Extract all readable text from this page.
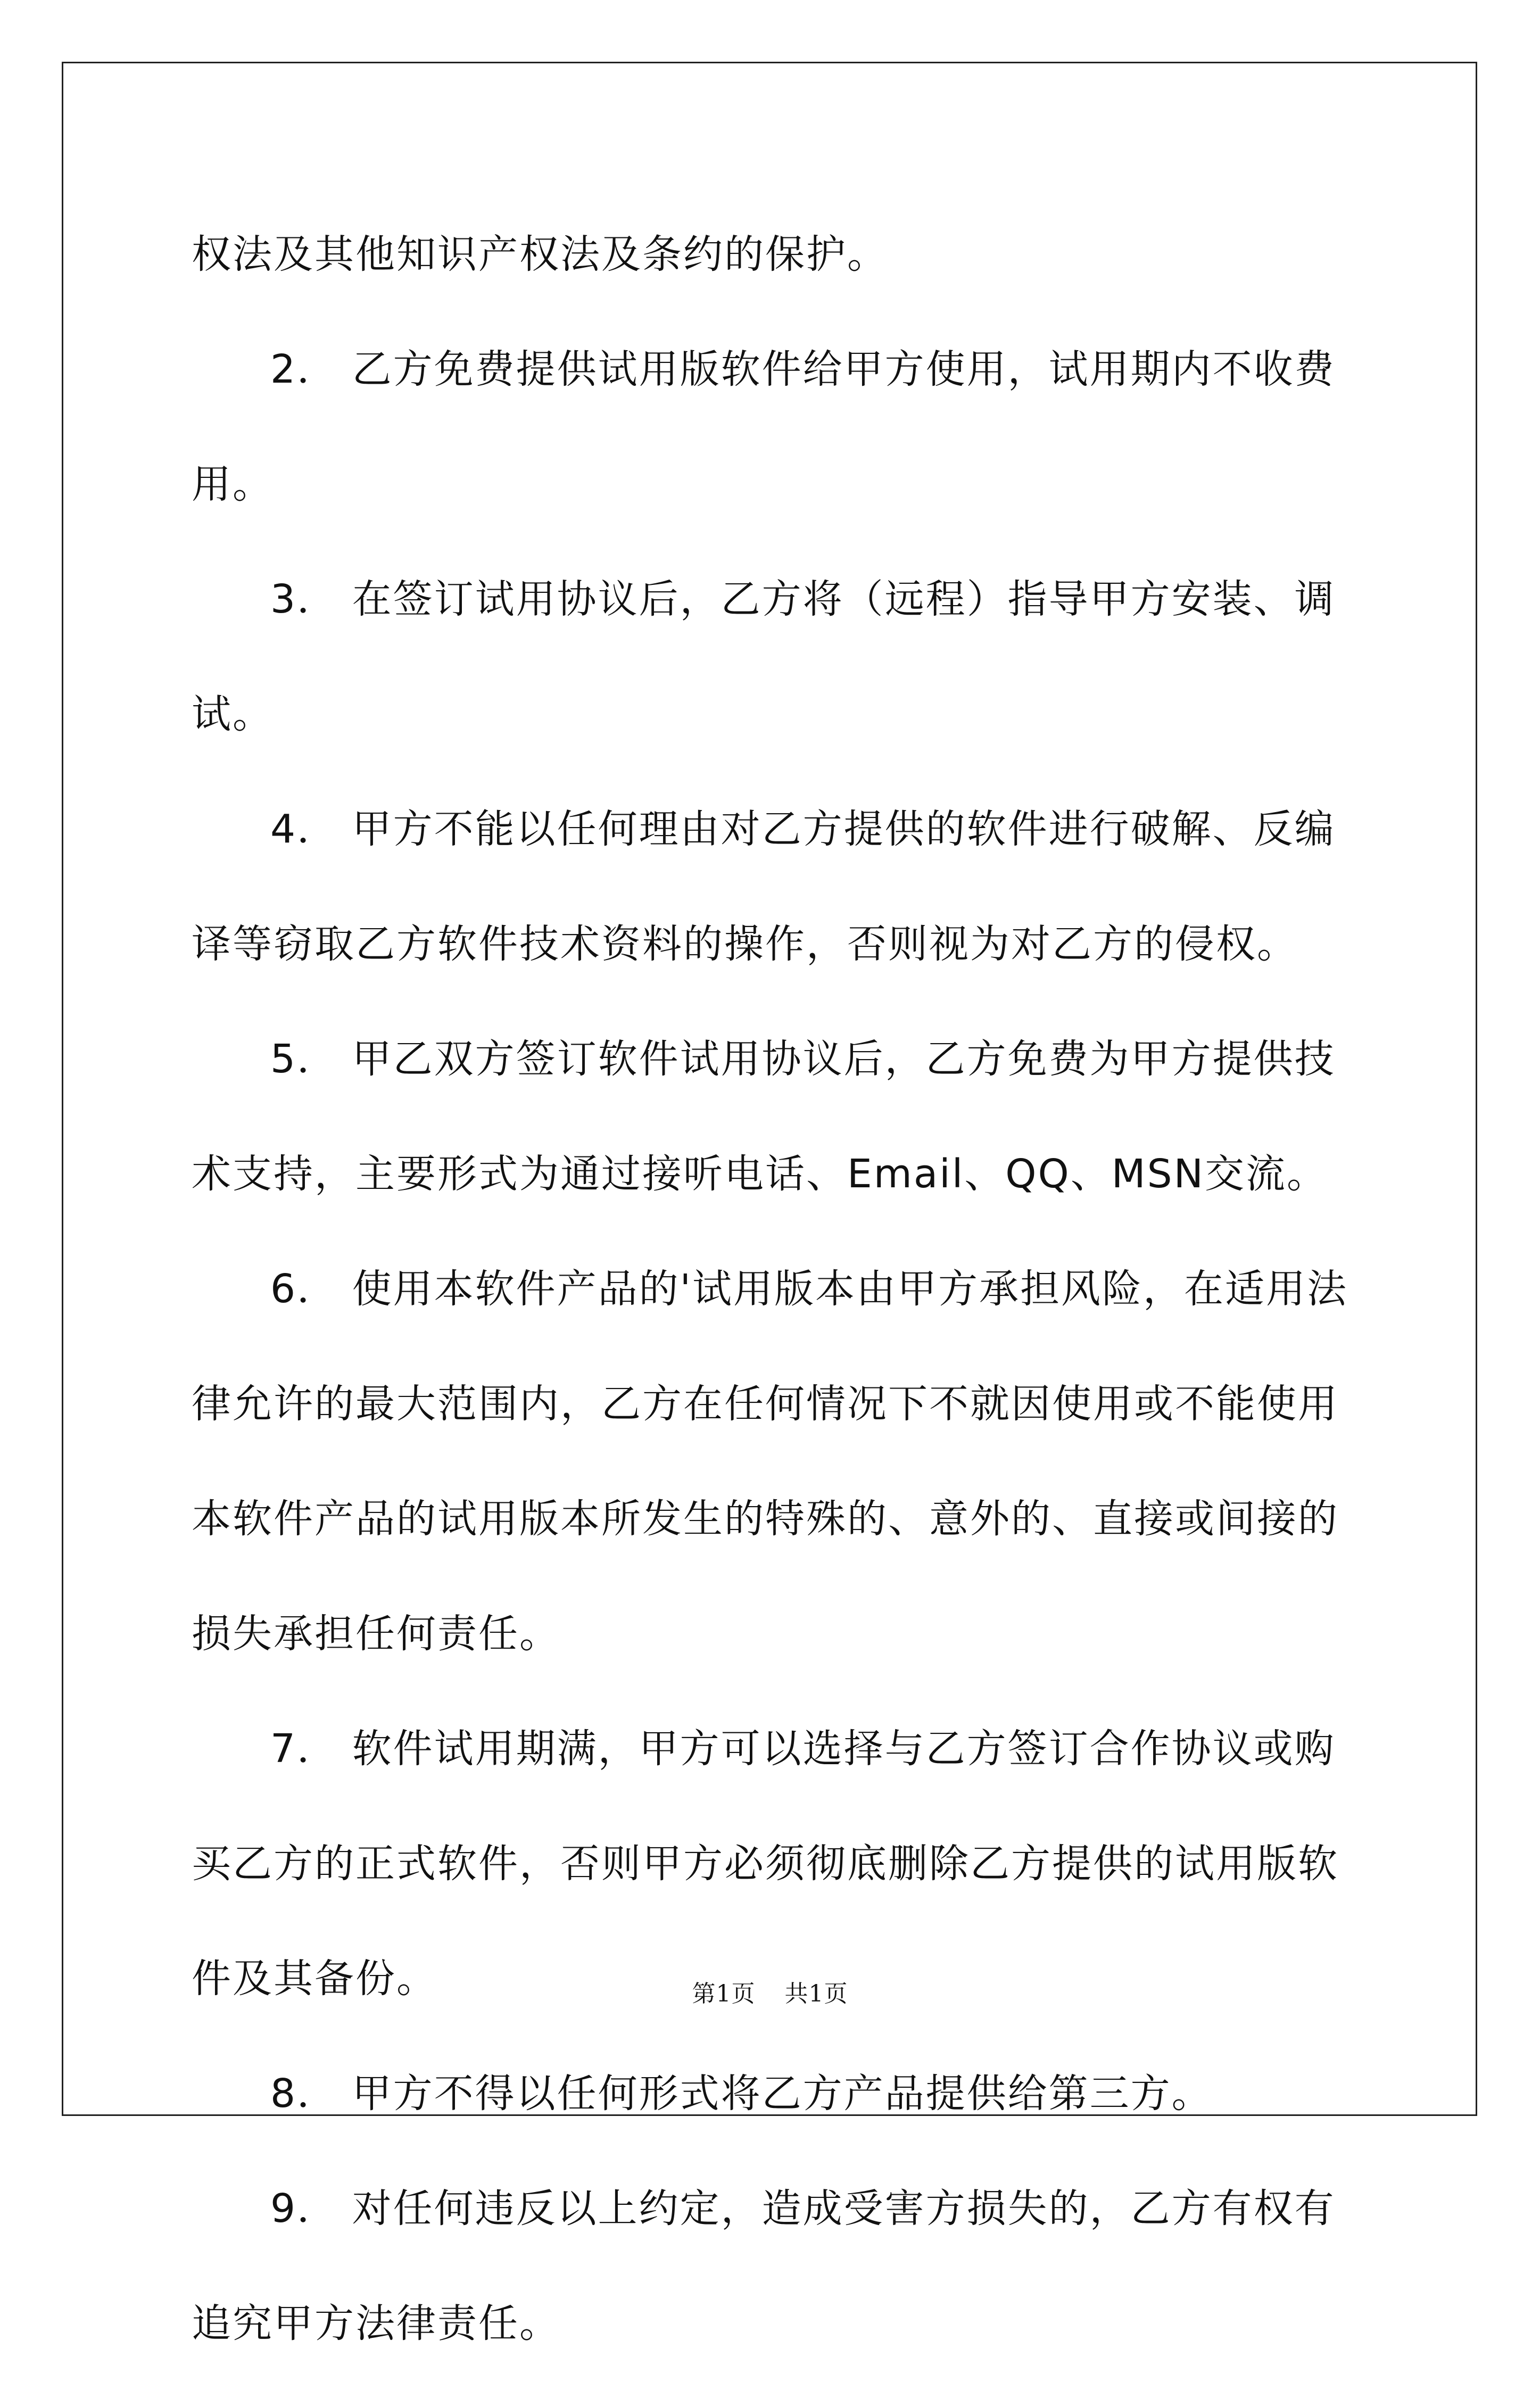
权法及其他知识产权法及条约的保护。

2． 乙方免费提供试用版软件给甲方使用，试用期内不收费用。

3． 在签订试用协议后，乙方将（远程）指导甲方安装、调试。

4． 甲方不能以任何理由对乙方提供的软件进行破解、反编译等窃取乙方软件技术资料的操作，否则视为对乙方的侵权。

5． 甲乙双方签订软件试用协议后，乙方免费为甲方提供技术支持，主要形式为通过接听电话、Email、QQ、MSN交流。

6． 使用本软件产品的'试用版本由甲方承担风险，在适用法律允许的最大范围内，乙方在任何情况下不就因使用或不能使用本软件产品的试用版本所发生的特殊的、意外的、直接或间接的损失承担任何责任。

7． 软件试用期满，甲方可以选择与乙方签订合作协议或购买乙方的正式软件，否则甲方必须彻底删除乙方提供的试用版软件及其备份。

8． 甲方不得以任何形式将乙方产品提供给第三方。

9． 对任何违反以上约定，造成受害方损失的，乙方有权有追究甲方法律责任。

第1页 共1页
